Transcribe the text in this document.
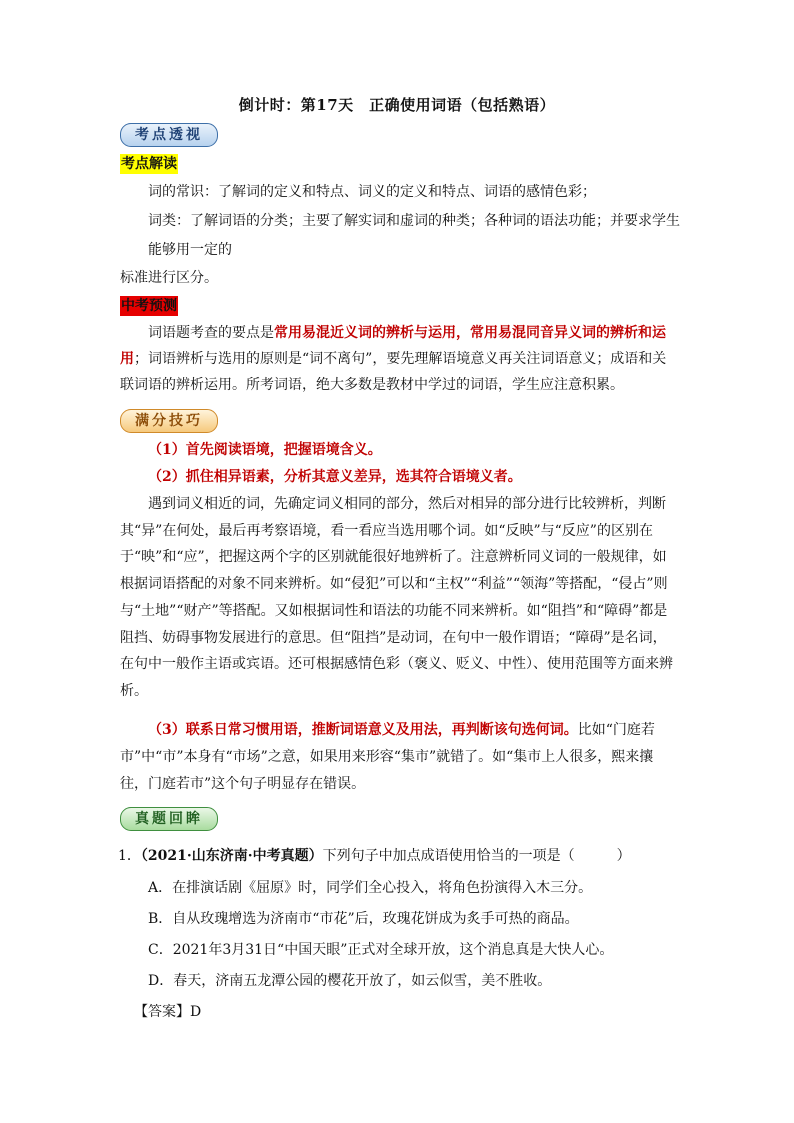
倒计时：第17天　正确使用词语（包括熟语）
考点透视
考点解读
词的常识：了解词的定义和特点、词义的定义和特点、词语的感情色彩；
词类：了解词语的分类；主要了解实词和虚词的种类；各种词的语法功能；并要求学生
能够用一定的
标准进行区分。
中考预测

词语题考查的要点是常用易混近义词的辨析与运用，常用易混同音异义词的辨析和运用；词语辨析与选用的原则是“词不离句”，要先理解语境意义再关注词语意义；成语和关联词语的辨析运用。所考词语，绝大多数是教材中学过的词语，学生应注意积累。

满分技巧
（1）首先阅读语境，把握语境含义。
（2）抓住相异语素，分析其意义差异，选其符合语境义者。

遇到词义相近的词，先确定词义相同的部分，然后对相异的部分进行比较辨析，判断其“异”在何处，最后再考察语境，看一看应当选用哪个词。如“反映”与“反应”的区别在于“映”和“应”，把握这两个字的区别就能很好地辨析了。注意辨析同义词的一般规律，如根据词语搭配的对象不同来辨析。如“侵犯”可以和“主权”“利益”“领海”等搭配，“侵占”则与“土地”“财产”等搭配。又如根据词性和语法的功能不同来辨析。如“阻挡”和“障碍”都是阻挡、妨碍事物发展进行的意思。但“阻挡”是动词，在句中一般作谓语；“障碍”是名词，在句中一般作主语或宾语。还可根据感情色彩（褒义、贬义、中性）、使用范围等方面来辨析。

（3）联系日常习惯用语，推断词语意义及用法，再判断该句选何词。比如“门庭若市”中“市”本身有“市场”之意，如果用来形容“集市”就错了。如“集市上人很多，熙来攘往，门庭若市”这个句子明显存在错误。

真题回眸
1．（2021·山东济南·中考真题）下列句子中加点成语使用恰当的一项是（　　　）
A．在排演话剧《屈原》时，同学们全心投入，将角色扮演得入木三分。
B．自从玫瑰增选为济南市“市花”后，玫瑰花饼成为炙手可热的商品。
C．2021年3月31日“中国天眼”正式对全球开放，这个消息真是大快人心。
D．春天，济南五龙潭公园的樱花开放了，如云似雪，美不胜收。
【答案】D
